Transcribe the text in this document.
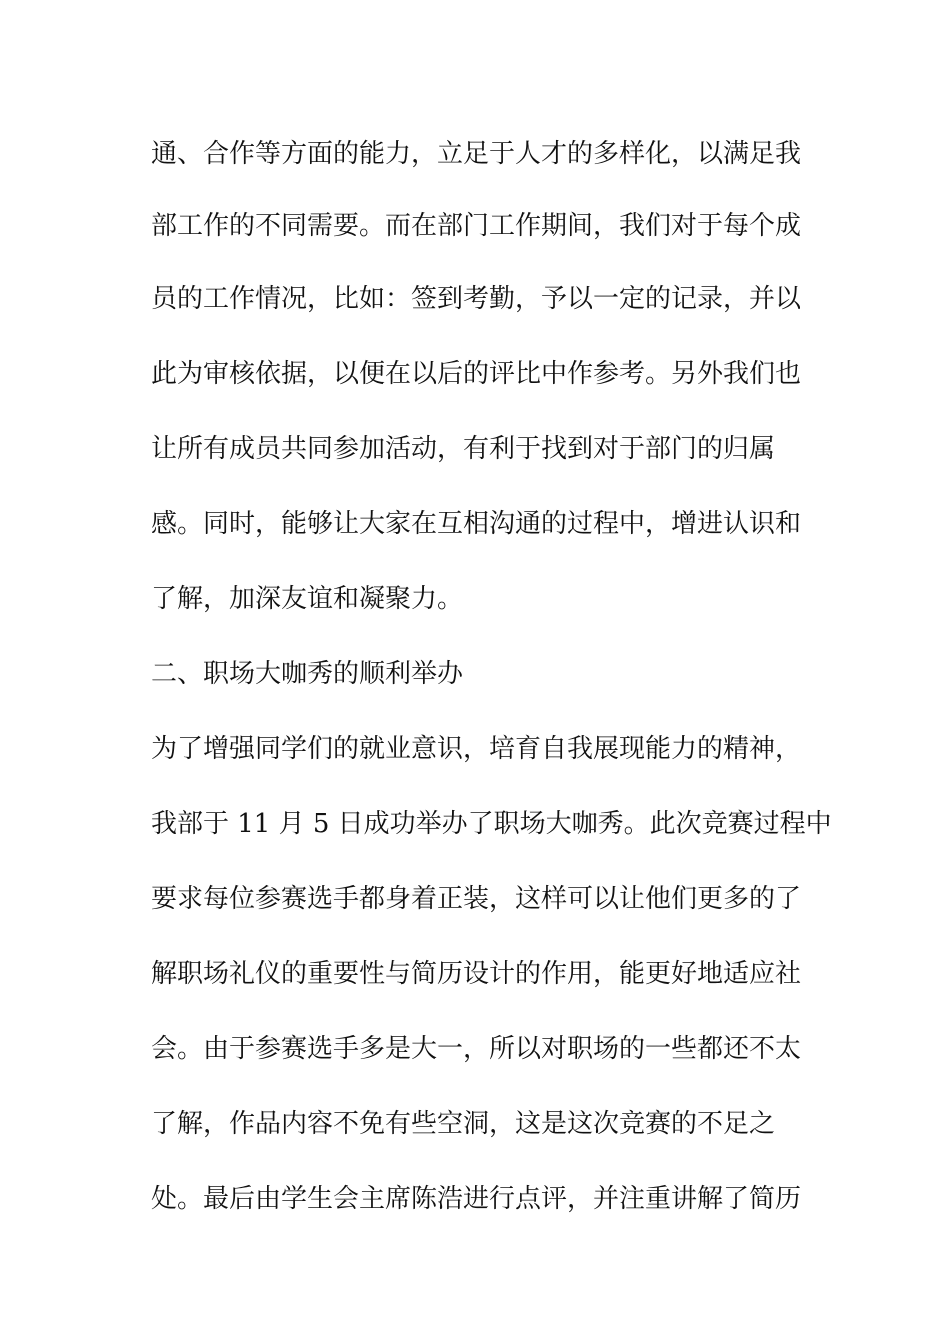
通、合作等方面的能力，立足于人才的多样化，以满足我

部工作的不同需要。而在部门工作期间，我们对于每个成

员的工作情况，比如：签到考勤，予以一定的记录，并以

此为审核依据，以便在以后的评比中作参考。另外我们也

让所有成员共同参加活动，有利于找到对于部门的归属

感。同时，能够让大家在互相沟通的过程中，增进认识和

了解，加深友谊和凝聚力。

二、职场大咖秀的顺利举办

为了增强同学们的就业意识，培育自我展现能力的精神，

我部于 11 月 5 日成功举办了职场大咖秀。此次竞赛过程中

要求每位参赛选手都身着正装，这样可以让他们更多的了

解职场礼仪的重要性与简历设计的作用，能更好地适应社

会。由于参赛选手多是大一，所以对职场的一些都还不太

了解，作品内容不免有些空洞，这是这次竞赛的不足之

处。最后由学生会主席陈浩进行点评，并注重讲解了简历
